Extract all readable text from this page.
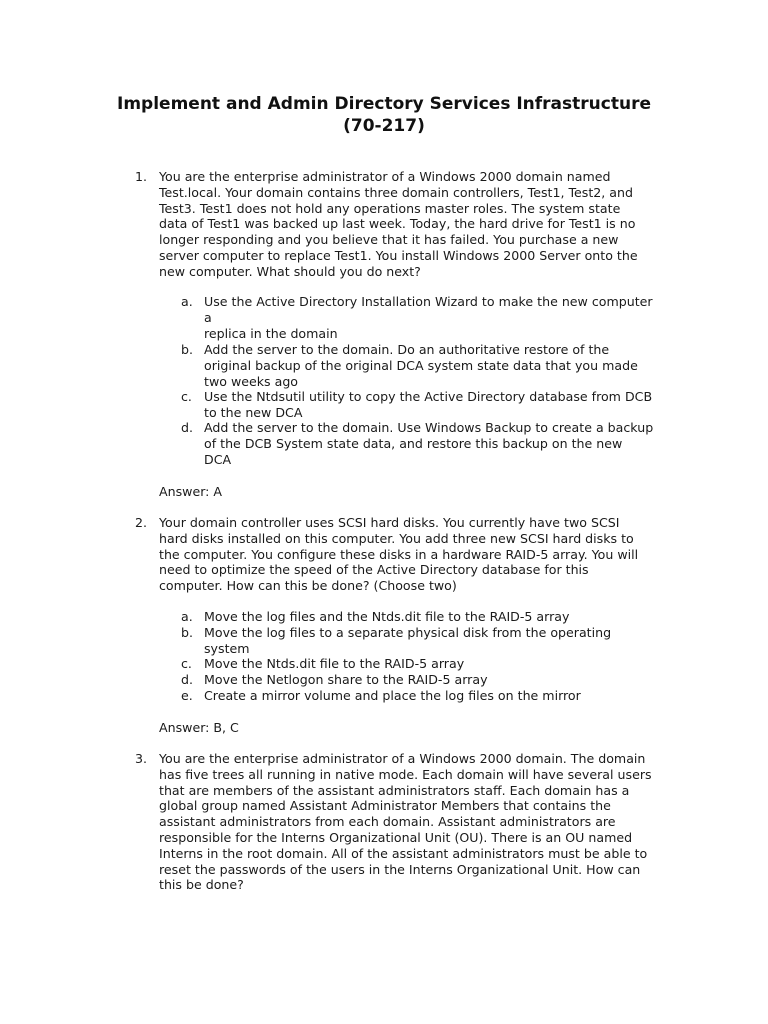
Implement and Admin Directory Services Infrastructure
(70-217)
1. You are the enterprise administrator of a Windows 2000 domain named
Test.local. Your domain contains three domain controllers, Test1, Test2, and
Test3. Test1 does not hold any operations master roles. The system state
data of Test1 was backed up last week. Today, the hard drive for Test1 is no
longer responding and you believe that it has failed. You purchase a new
server computer to replace Test1. You install Windows 2000 Server onto the
new computer. What should you do next?

a. Use the Active Directory Installation Wizard to make the new computer
a
replica in the domain

b. Add the server to the domain. Do an authoritative restore of the
original backup of the original DCA system state data that you made
two weeks ago

c. Use the Ntdsutil utility to copy the Active Directory database from DCB
to the new DCA

d. Add the server to the domain. Use Windows Backup to create a backup
of the DCB System state data, and restore this backup on the new
DCA

Answer: A
2. Your domain controller uses SCSI hard disks. You currently have two SCSI
hard disks installed on this computer. You add three new SCSI hard disks to
the computer. You configure these disks in a hardware RAID-5 array. You will
need to optimize the speed of the Active Directory database for this
computer. How can this be done? (Choose two)

a. Move the log files and the Ntds.dit file to the RAID-5 array

b. Move the log files to a separate physical disk from the operating
system

c. Move the Ntds.dit file to the RAID-5 array

d. Move the Netlogon share to the RAID-5 array

e. Create a mirror volume and place the log files on the mirror

Answer: B, C
3. You are the enterprise administrator of a Windows 2000 domain. The domain
has five trees all running in native mode. Each domain will have several users
that are members of the assistant administrators staff. Each domain has a
global group named Assistant Administrator Members that contains the
assistant administrators from each domain. Assistant administrators are
responsible for the Interns Organizational Unit (OU). There is an OU named
Interns in the root domain. All of the assistant administrators must be able to
reset the passwords of the users in the Interns Organizational Unit. How can
this be done?
